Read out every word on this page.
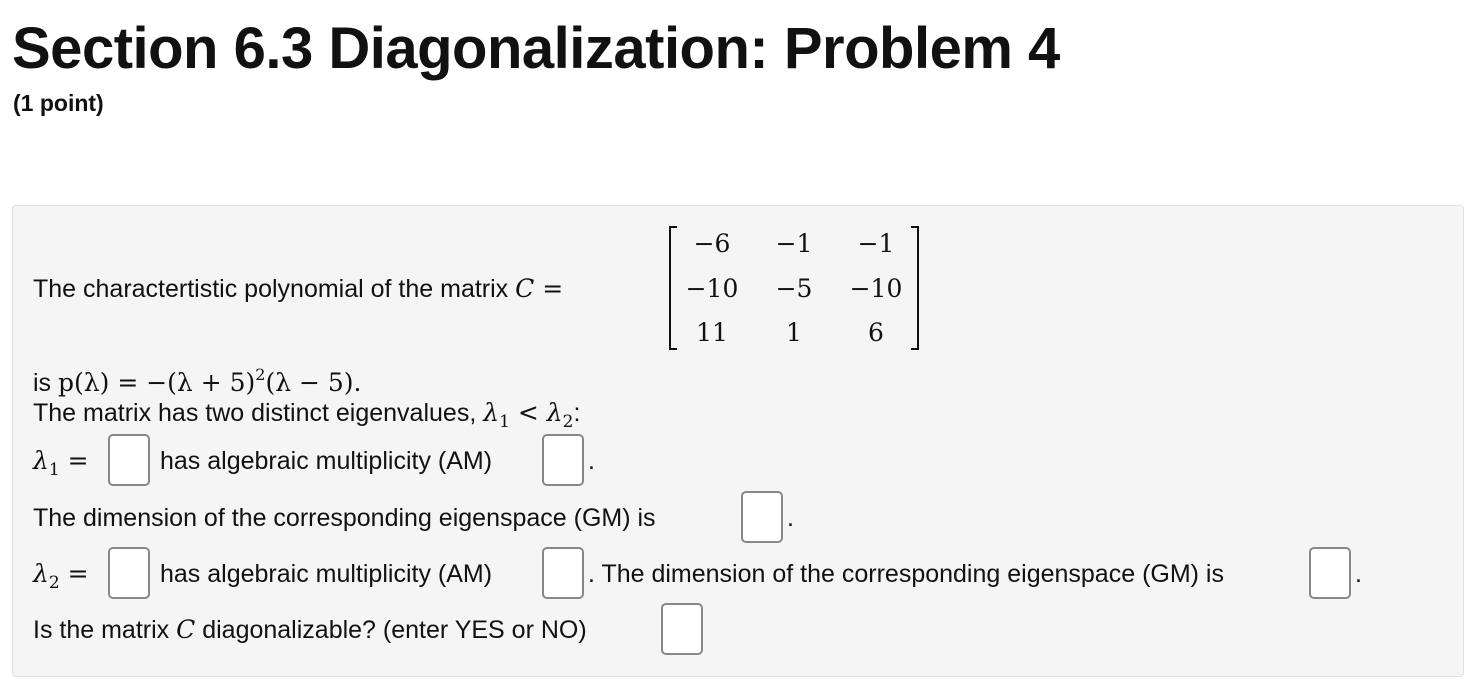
Section 6.3 Diagonalization: Problem 4
(1 point)
The charactertistic polynomial of the matrix C =
−6	−1	−1
−10	−5	−10
11	1	6
is $p(\lambda) = -(\lambda + 5)^2(\lambda - 5)$.
The matrix has two distinct eigenvalues, $\lambda_1 < \lambda_2$:
$\lambda_1$ =	has algebraic multiplicity (AM)	.
The dimension of the corresponding eigenspace (GM) is	.
$\lambda_2$ =	has algebraic multiplicity (AM)	. The dimension of the corresponding eigenspace (GM) is	.
Is the matrix C diagonalizable? (enter YES or NO)
